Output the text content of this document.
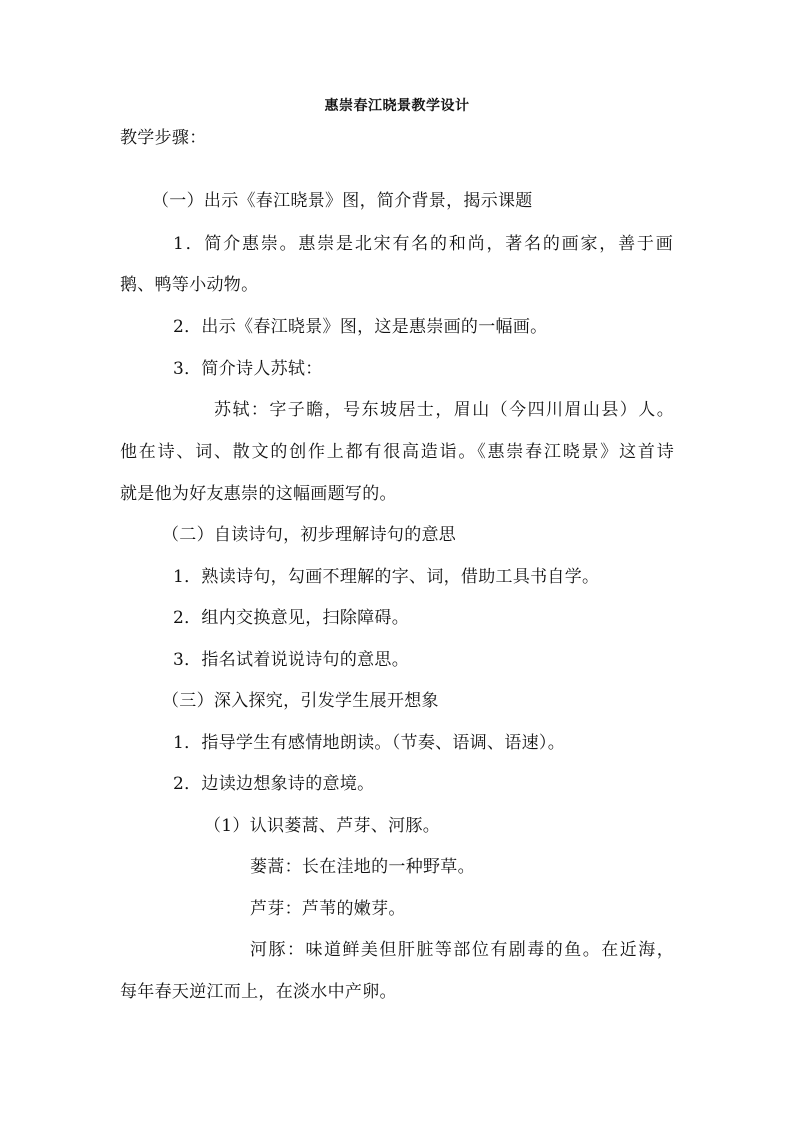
惠崇春江晓景教学设计
教学步骤：
（一）出示《春江晓景》图，简介背景，揭示课题
1．简介惠崇。惠崇是北宋有名的和尚，著名的画家，善于画
鹅、鸭等小动物。
2．出示《春江晓景》图，这是惠崇画的一幅画。
3．简介诗人苏轼：
苏轼：字子瞻，号东坡居士，眉山（今四川眉山县）人。
他在诗、词、散文的创作上都有很高造诣。《惠崇春江晓景》这首诗
就是他为好友惠崇的这幅画题写的。
（二）自读诗句，初步理解诗句的意思
1．熟读诗句，勾画不理解的字、词，借助工具书自学。
2．组内交换意见，扫除障碍。
3．指名试着说说诗句的意思。
（三）深入探究，引发学生展开想象
1．指导学生有感情地朗读。（节奏、语调、语速）。
2．边读边想象诗的意境。
（1）认识蒌蒿、芦芽、河豚。
蒌蒿：长在洼地的一种野草。
芦芽：芦苇的嫩芽。
河豚：味道鲜美但肝脏等部位有剧毒的鱼。在近海，
每年春天逆江而上，在淡水中产卵。
